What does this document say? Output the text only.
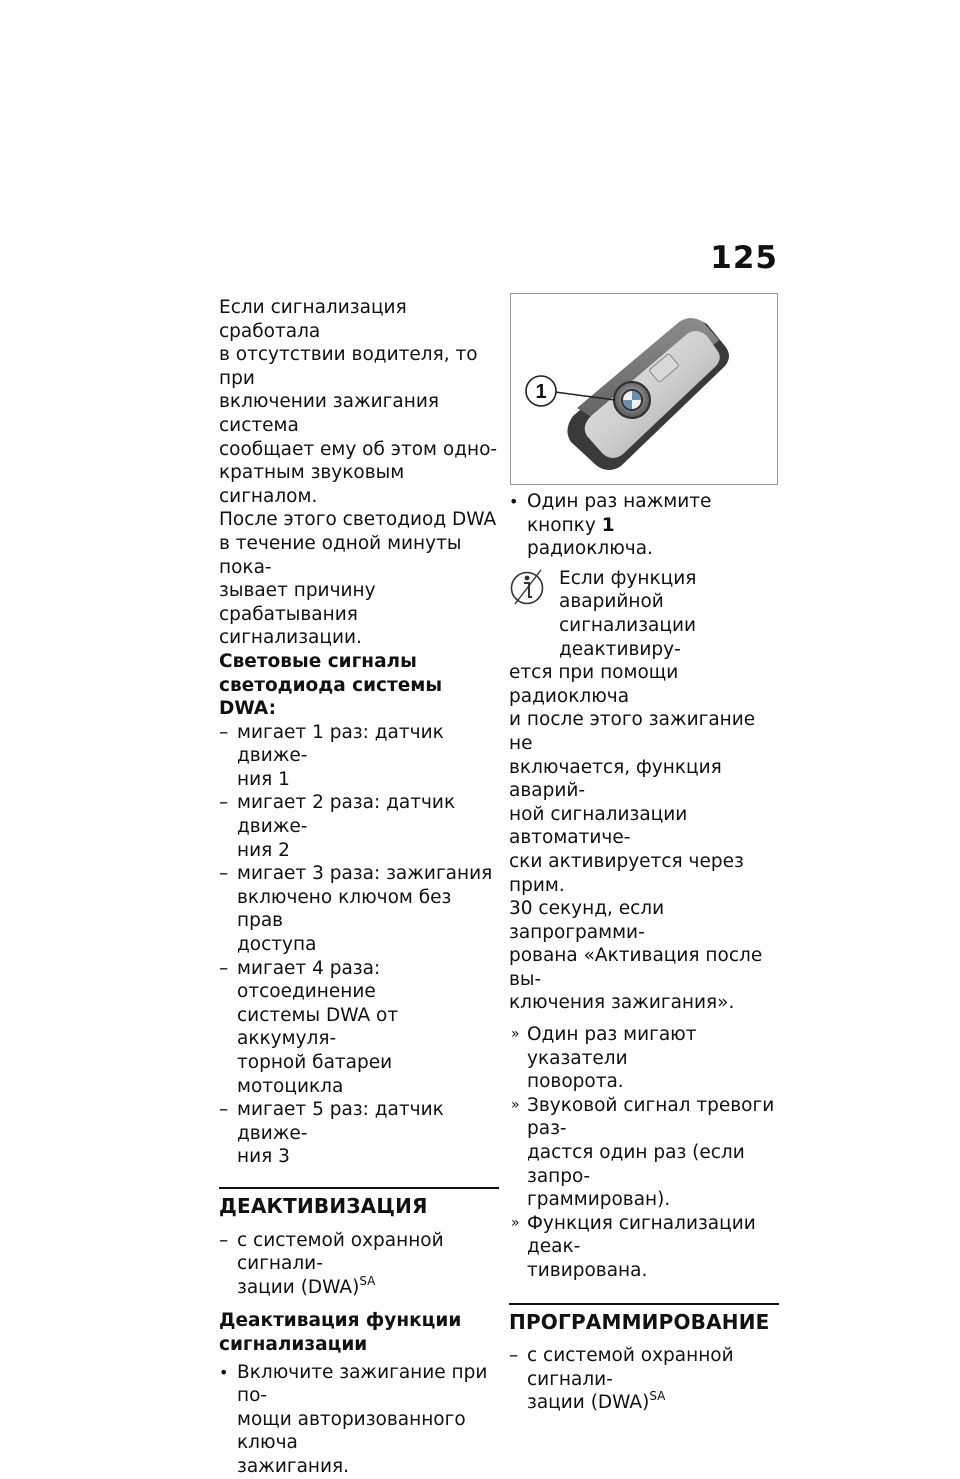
125

Если сигнализация сработала
в отсутствии водителя, то при
включении зажигания система
сообщает ему об этом одно-
кратным звуковым сигналом.
После этого светодиод DWA
в течение одной минуты пока-
зывает причину срабатывания
сигнализации.

Световые сигналы
светодиода системы DWA:

– мигает 1 раз: датчик движе-
ния 1
– мигает 2 раза: датчик движе-
ния 2
– мигает 3 раза: зажигания
включено ключом без прав
доступа
– мигает 4 раза: отсоединение
системы DWA от аккумуля-
торной батареи мотоцикла
– мигает 5 раз: датчик движе-
ния 3

ДЕАКТИВИЗАЦИЯ

– с системой охранной сигнали-
зации (DWA)$^{SA}$

Деактивация функции
сигнализации

• Включите зажигание при по-
мощи авторизованного ключа
зажигания.
1
• Один раз нажмите кнопку 1
радиоключа.

Если функция аварийной
сигнализации деактивиру-

ется при помощи радиоключа
и после этого зажигание не
включается, функция аварий-
ной сигнализации автоматиче-
ски активируется через прим.
30 секунд, если запрограмми-
рована «Активация после вы-
ключения зажигания».

» Один раз мигают указатели
поворота.
» Звуковой сигнал тревоги раз-
дастся один раз (если запро-
граммирован).
» Функция сигнализации деак-
тивирована.

ПРОГРАММИРОВАНИЕ

– с системой охранной сигнали-
зации (DWA)$^{SA}$
